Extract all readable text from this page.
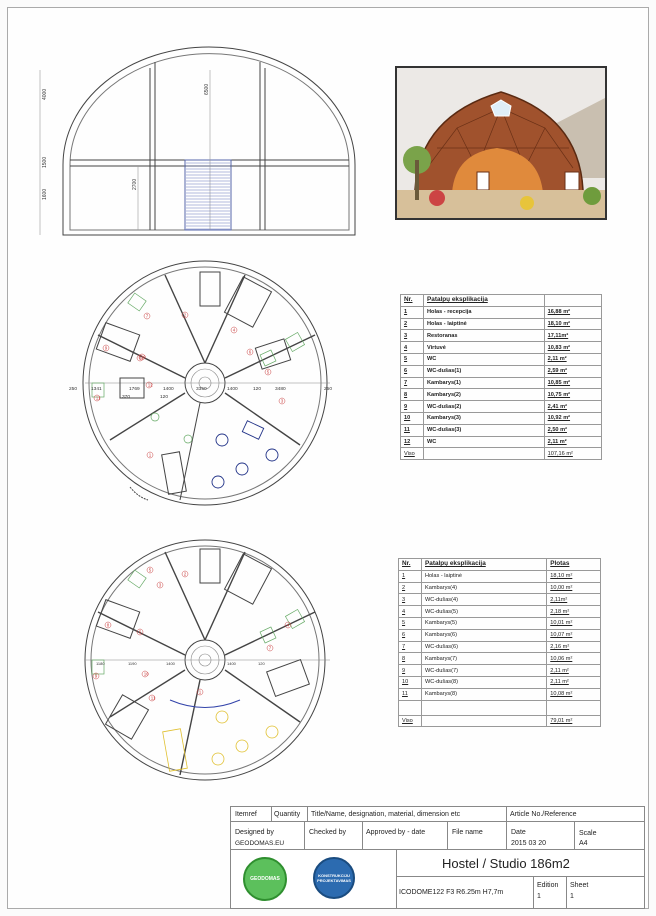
4000
1500
1600
6500
2700
1
2
3
4
5
6
7
8
9
10
11
12
250	1341	1769	1400	3350	1400	120	3480	250
370	120
1
2
3
4
5
6
7
8
9	10
11
1180	1190	1400	1400	120
Nr.	Patalpų eksplikacija	
1	Holas - recepcija	16,88 m²
2	Holas - laiptinė	18,10 m²
3	Restoranas	17,11m²
4	Virtuvė	10,83 m²
5	WC	2,11 m²
6	WC-dušas(1)	2,59 m²
7	Kambarys(1)	10,85 m²
8	Kambarys(2)	10,75 m²
9	WC-dušas(2)	2,41 m²
10	Kambarys(3)	10,92 m²
11	WC-dušas(3)	2,50 m²
12	WC	2,11 m²
Viso		107,16 m²
Nr.	Patalpų eksplikacija	Plotas
1	Holas - laiptinė	18,10 m²
2	Kambarys(4)	10,00 m²
3	WC-dušas(4)	2,11m²
4	WC-dušas(5)	2,18 m²
5	Kambarys(5)	10,01 m²
6	Kambarys(6)	10,07 m²
7	WC-dušas(6)	2,16 m²
8	Kambarys(7)	10,06 m²
9	WC-dušas(7)	2,11 m²
10	WC-dušas(8)	2,11 m²
11	Kambarys(8)	10,08 m²

Viso		79,01 m²
Itemref Quantity Title/Name, designation, material, dimension etc	Article No./Reference
Designed by
GEODOMAS.EU
Checked by	Approved by - date	File name	Date
2015 03 20
Scale
A4
GEODOMAS
KONSTRUKCIJU PROJEKTAVIMAS
Hostel / Studio 186m2
ICODOME122 F3 R6.25m H7,7m
Edition
1
Sheet
1
